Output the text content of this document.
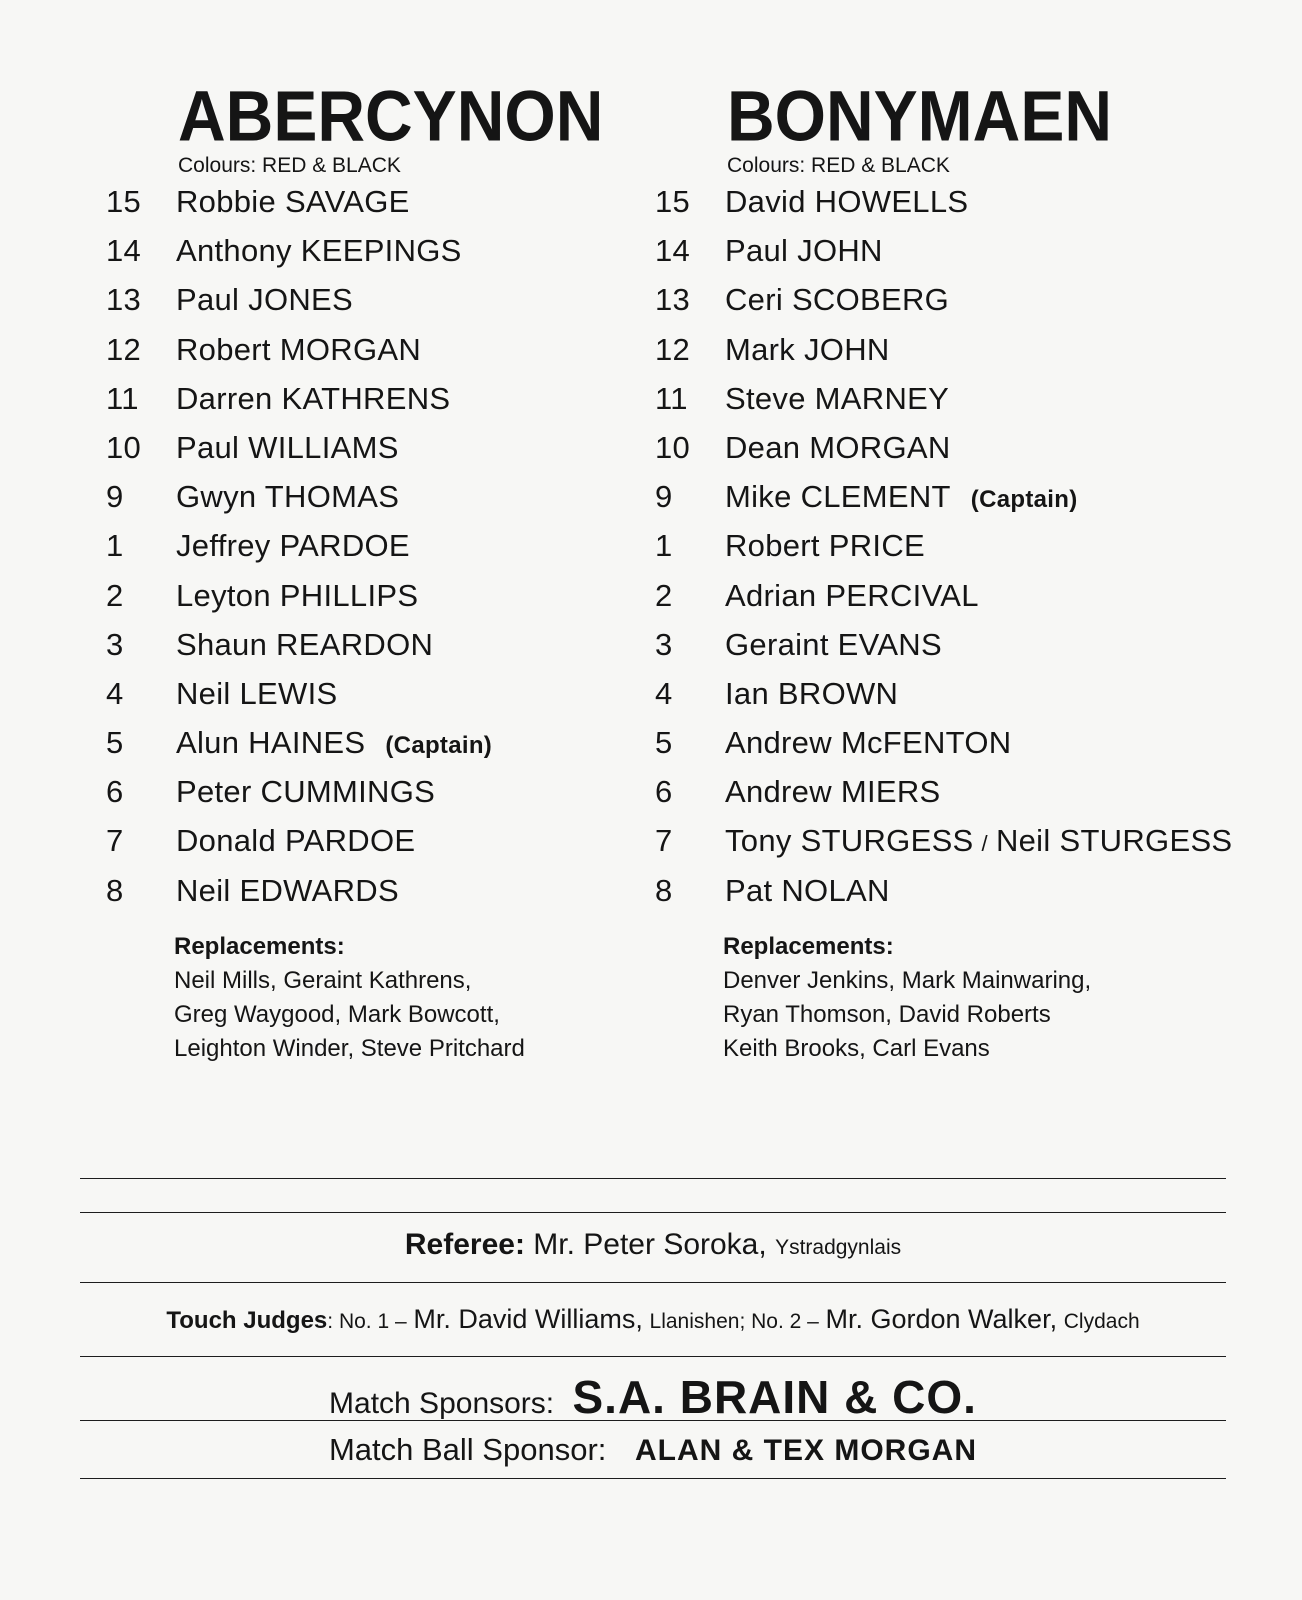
ABERCYNON
Colours: RED & BLACK
15	Robbie SAVAGE
14	Anthony KEEPINGS
13	Paul JONES
12	Robert MORGAN
11	Darren KATHRENS
10	Paul WILLIAMS
9	Gwyn THOMAS
1	Jeffrey PARDOE
2	Leyton PHILLIPS
3	Shaun REARDON
4	Neil LEWIS
5	Alun HAINES (Captain)
6	Peter CUMMINGS
7	Donald PARDOE
8	Neil EDWARDS
Replacements:
Neil Mills, Geraint Kathrens,
Greg Waygood, Mark Bowcott,
Leighton Winder, Steve Pritchard
BONYMAEN
Colours: RED & BLACK
15	David HOWELLS
14	Paul JOHN
13	Ceri SCOBERG
12	Mark JOHN
11	Steve MARNEY
10	Dean MORGAN
9	Mike CLEMENT (Captain)
1	Robert PRICE
2	Adrian PERCIVAL
3	Geraint EVANS
4	Ian BROWN
5	Andrew McFENTON
6	Andrew MIERS
7	Tony STURGESS / Neil STURGESS
8	Pat NOLAN
Replacements:
Denver Jenkins, Mark Mainwaring,
Ryan Thomson, David Roberts
Keith Brooks, Carl Evans
Referee: Mr. Peter Soroka, Ystradgynlais
Touch Judges: No. 1 – Mr. David Williams, Llanishen; No. 2 – Mr. Gordon Walker, Clydach
Match Sponsors: S.A. BRAIN & CO.
Match Ball Sponsor: ALAN & TEX MORGAN
